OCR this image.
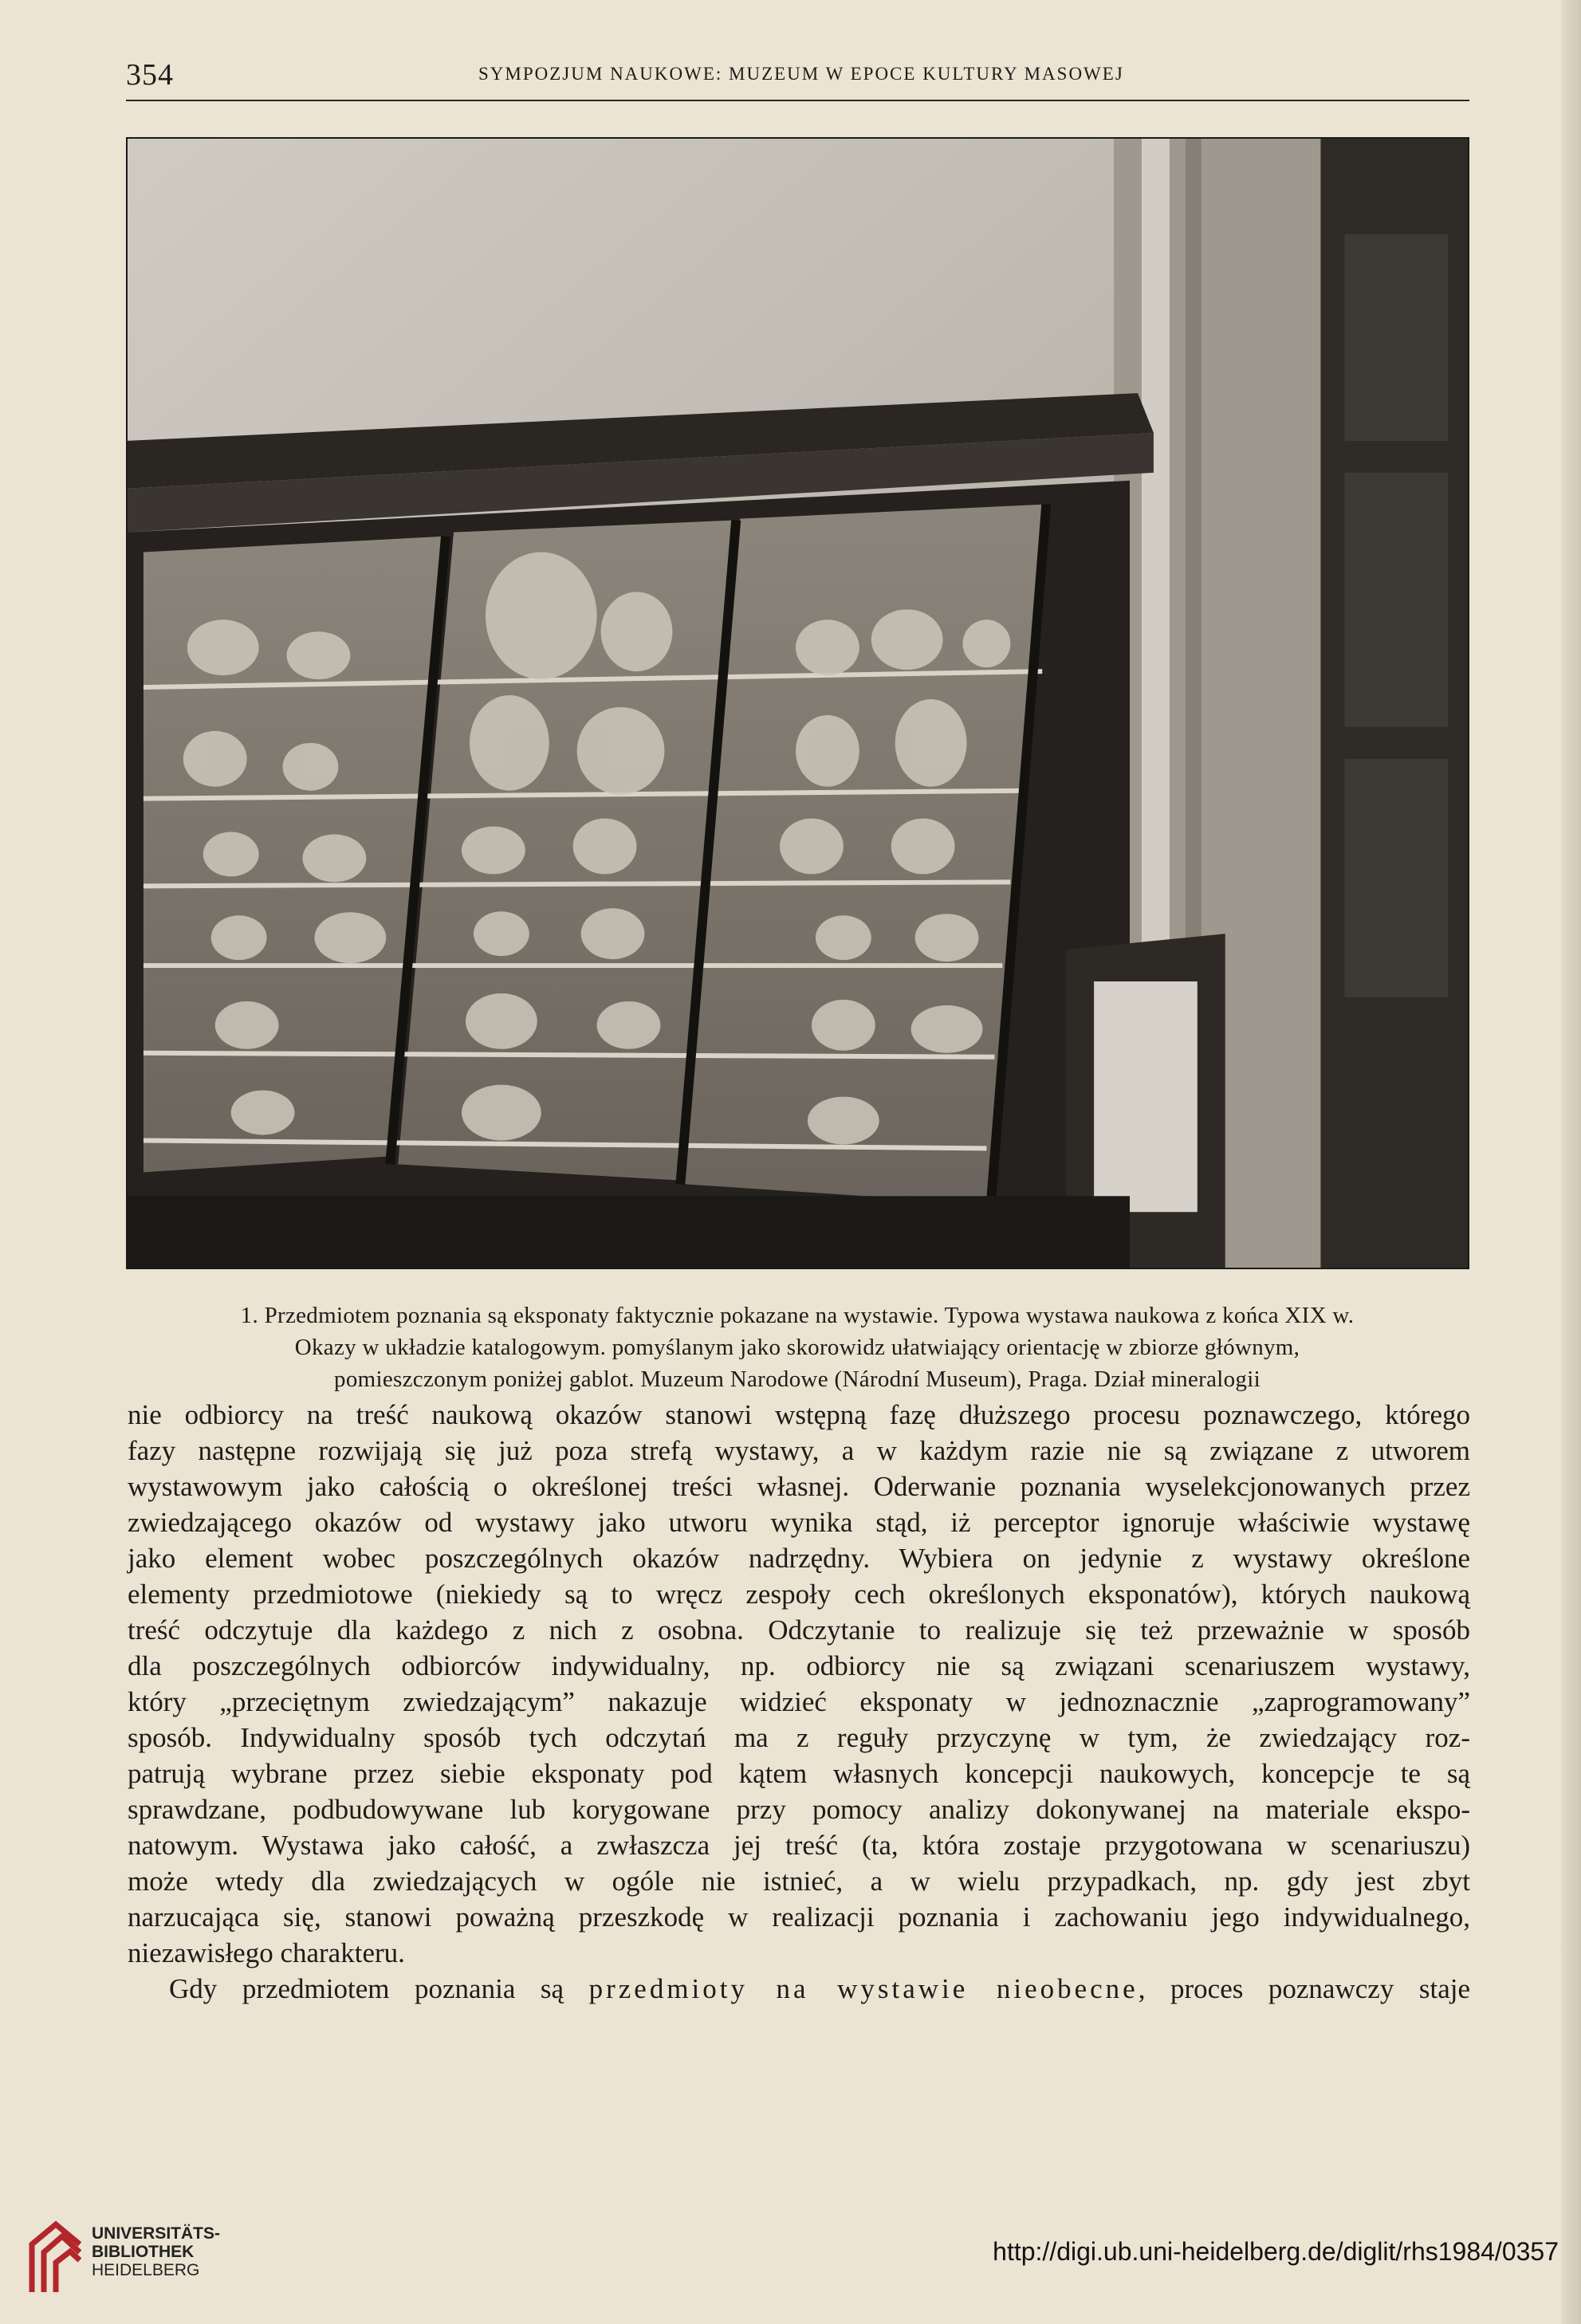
354	SYMPOZJUM NAUKOWE: MUZEUM W EPOCE KULTURY MASOWEJ
1. Przedmiotem poznania są eksponaty faktycznie pokazane na wystawie. Typowa wystawa naukowa z końca XIX w.
Okazy w układzie katalogowym. pomyślanym jako skorowidz ułatwiający orientację w zbiorze głównym,
pomieszczonym poniżej gablot. Muzeum Narodowe (Národní Museum), Praga. Dział mineralogii
nie odbiorcy na treść naukową okazów stanowi wstępną fazę dłuższego procesu poznawczego, którego
fazy następne rozwijają się już poza strefą wystawy, a w każdym razie nie są związane z utworem
wystawowym jako całością o określonej treści własnej. Oderwanie poznania wyselekcjonowanych przez
zwiedzającego okazów od wystawy jako utworu wynika stąd, iż perceptor ignoruje właściwie wystawę
jako element wobec poszczególnych okazów nadrzędny. Wybiera on jedynie z wystawy określone
elementy przedmiotowe (niekiedy są to wręcz zespoły cech określonych eksponatów), których naukową
treść odczytuje dla każdego z nich z osobna. Odczytanie to realizuje się też przeważnie w sposób
dla poszczególnych odbiorców indywidualny, np. odbiorcy nie są związani scenariuszem wystawy,
który „przeciętnym zwiedzającym” nakazuje widzieć eksponaty w jednoznacznie „zaprogramowany”
sposób. Indywidualny sposób tych odczytań ma z reguły przyczynę w tym, że zwiedzający roz-
patrują wybrane przez siebie eksponaty pod kątem własnych koncepcji naukowych, koncepcje te są
sprawdzane, podbudowywane lub korygowane przy pomocy analizy dokonywanej na materiale ekspo-
natowym. Wystawa jako całość, a zwłaszcza jej treść (ta, która zostaje przygotowana w scenariuszu)
może wtedy dla zwiedzających w ogóle nie istnieć, a w wielu przypadkach, np. gdy jest zbyt
narzucająca się, stanowi poważną przeszkodę w realizacji poznania i zachowaniu jego indywidualnego,
niezawisłego charakteru.
Gdy przedmiotem poznania są przedmioty na wystawie nieobecne, proces poznawczy staje
UNIVERSITÄTS-
BIBLIOTHEK
HEIDELBERG
http://digi.ub.uni-heidelberg.de/diglit/rhs1984/0357
